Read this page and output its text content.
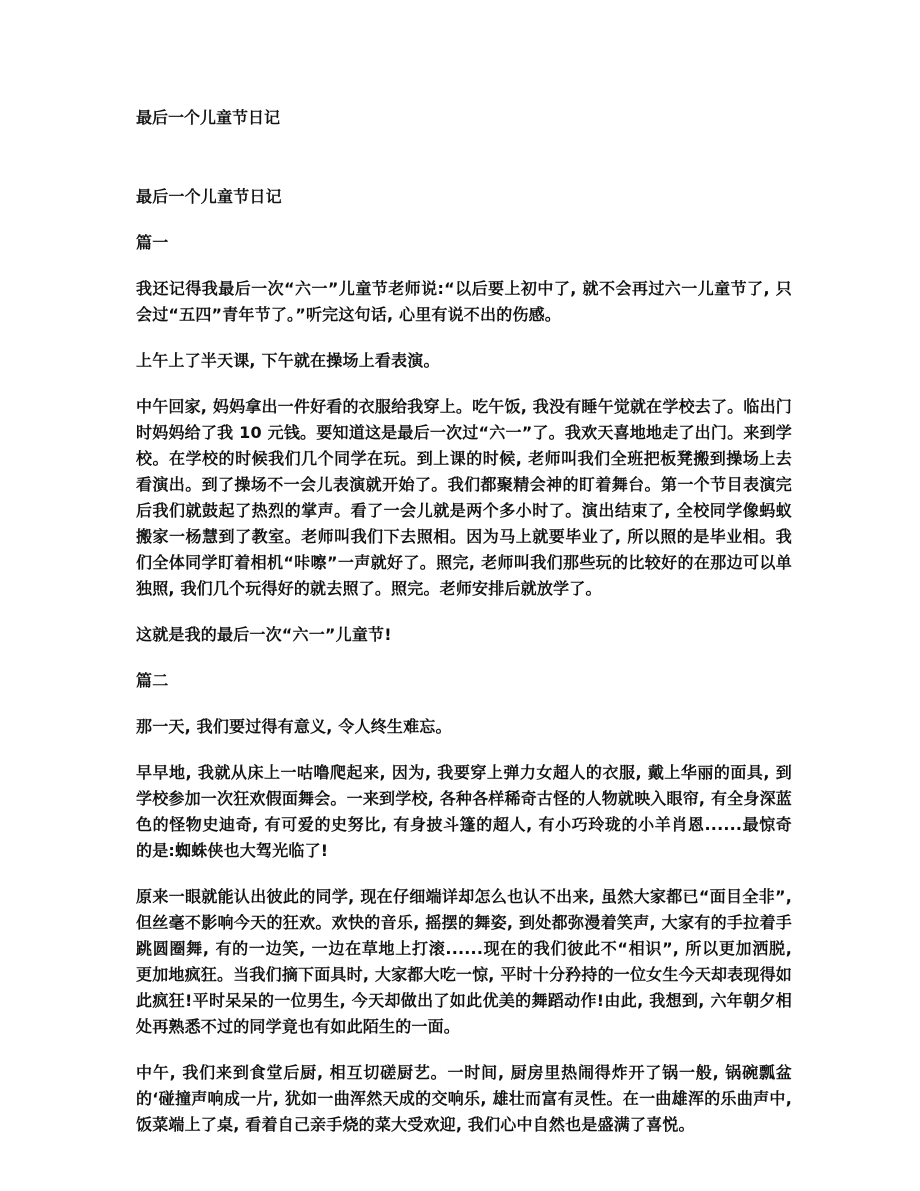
最后一个儿童节日记

最后一个儿童节日记

篇一

我还记得我最后一次“六一”儿童节老师说:“以后要上初中了, 就不会再过六一儿童节了, 只会过“五四”青年节了。”听完这句话, 心里有说不出的伤感。

上午上了半天课, 下午就在操场上看表演。

中午回家, 妈妈拿出一件好看的衣服给我穿上。吃午饭, 我没有睡午觉就在学校去了。临出门时妈妈给了我 10 元钱。要知道这是最后一次过“六一”了。我欢天喜地地走了出门。来到学校。在学校的时候我们几个同学在玩。到上课的时候, 老师叫我们全班把板凳搬到操场上去看演出。到了操场不一会儿表演就开始了。我们都聚精会神的盯着舞台。第一个节目表演完后我们就鼓起了热烈的掌声。看了一会儿就是两个多小时了。演出结束了, 全校同学像蚂蚁搬家一杨慧到了教室。老师叫我们下去照相。因为马上就要毕业了, 所以照的是毕业相。我们全体同学盯着相机“咔嚓”一声就好了。照完, 老师叫我们那些玩的比较好的在那边可以单独照, 我们几个玩得好的就去照了。照完。老师安排后就放学了。

这就是我的最后一次“六一”儿童节!

篇二

那一天, 我们要过得有意义, 令人终生难忘。

早早地, 我就从床上一咕噜爬起来, 因为, 我要穿上弹力女超人的衣服, 戴上华丽的面具, 到学校参加一次狂欢假面舞会。一来到学校, 各种各样稀奇古怪的人物就映入眼帘, 有全身深蓝色的怪物史迪奇, 有可爱的史努比, 有身披斗篷的超人, 有小巧玲珑的小羊肖恩......最惊奇的是:蜘蛛侠也大驾光临了!

原来一眼就能认出彼此的同学, 现在仔细端详却怎么也认不出来, 虽然大家都已“面目全非”, 但丝毫不影响今天的狂欢。欢快的音乐, 摇摆的舞姿, 到处都弥漫着笑声, 大家有的手拉着手跳圆圈舞, 有的一边笑, 一边在草地上打滚......现在的我们彼此不“相识”, 所以更加洒脱, 更加地疯狂。当我们摘下面具时, 大家都大吃一惊, 平时十分矜持的一位女生今天却表现得如此疯狂!平时呆呆的一位男生, 今天却做出了如此优美的舞蹈动作!由此, 我想到, 六年朝夕相处再熟悉不过的同学竟也有如此陌生的一面。

中午, 我们来到食堂后厨, 相互切磋厨艺。一时间, 厨房里热闹得炸开了锅一般, 锅碗瓢盆的‘碰撞声响成一片, 犹如一曲浑然天成的交响乐, 雄壮而富有灵性。在一曲雄浑的乐曲声中, 饭菜端上了桌, 看着自己亲手烧的菜大受欢迎, 我们心中自然也是盛满了喜悦。
